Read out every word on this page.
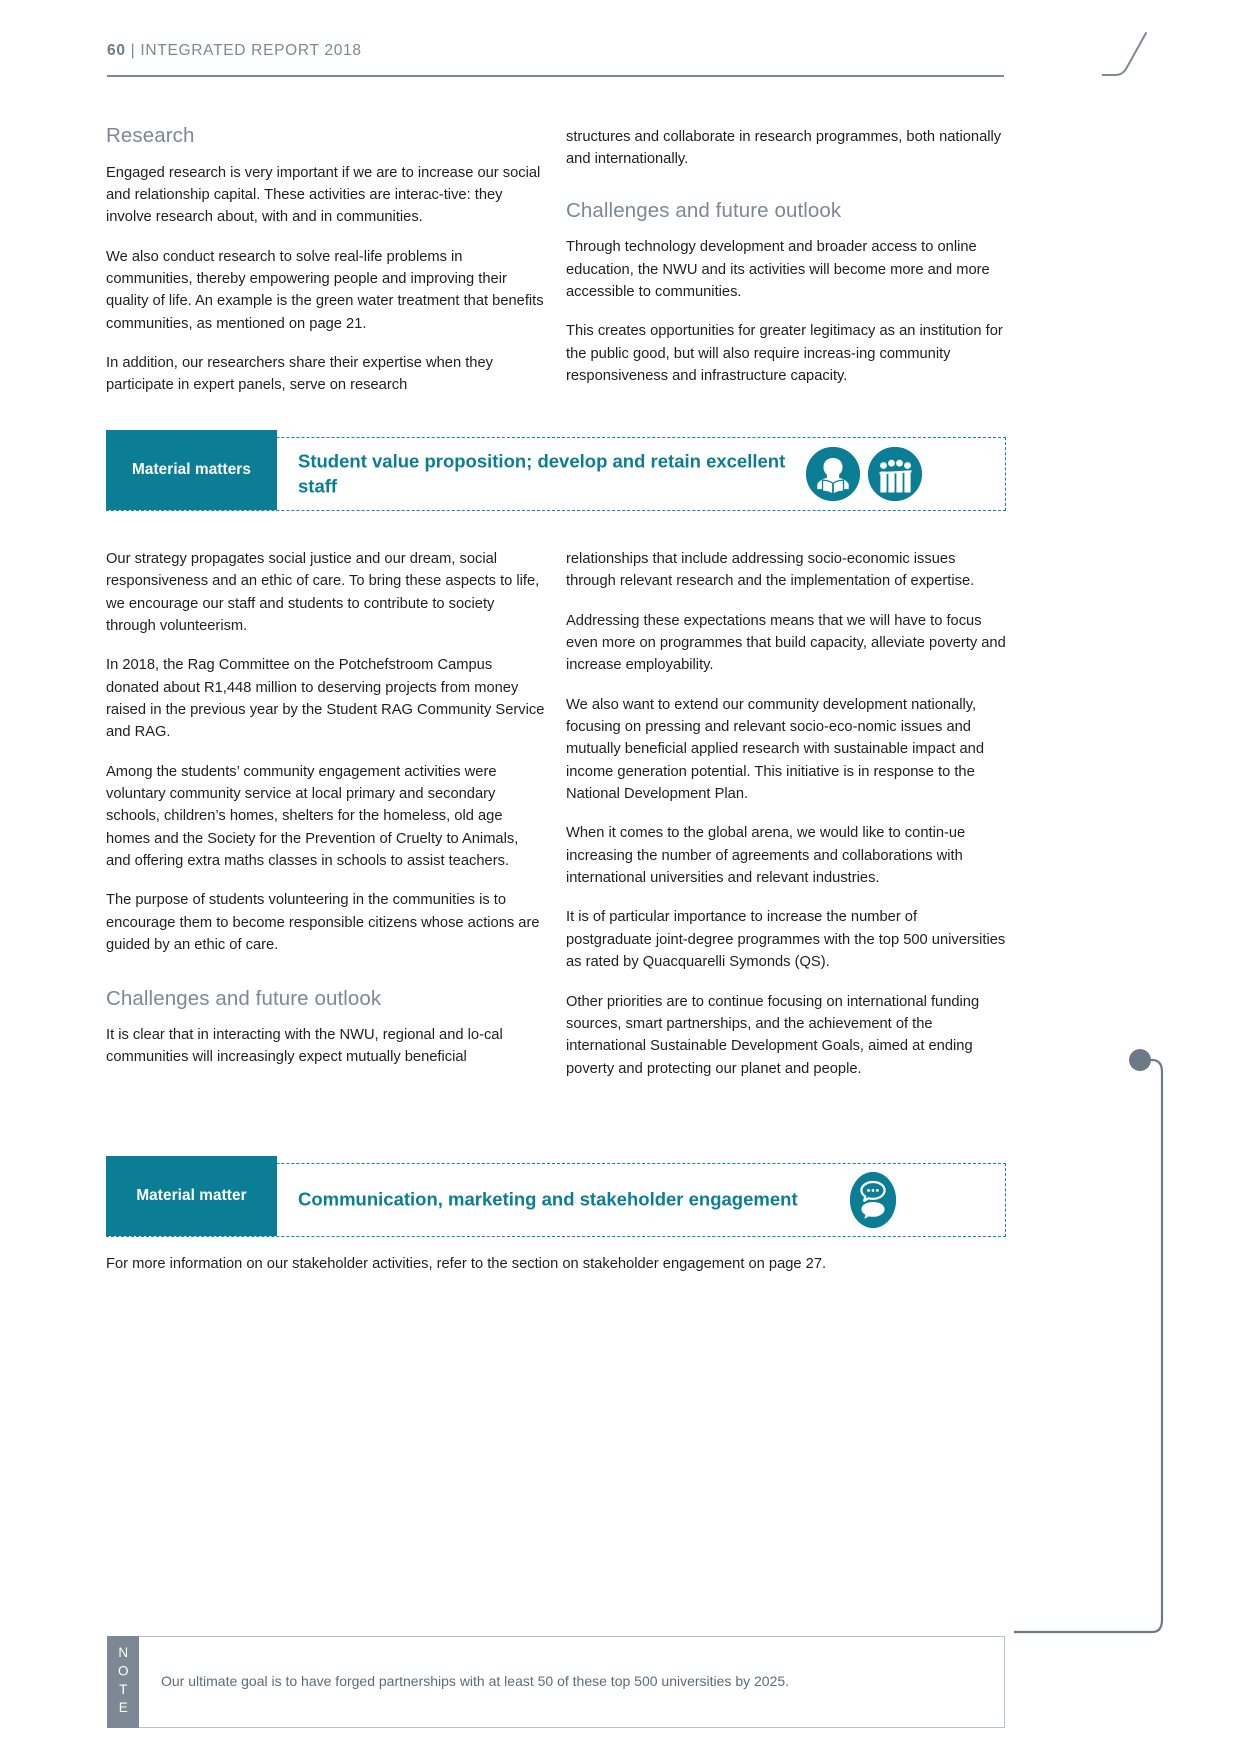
60 | INTEGRATED REPORT 2018
Research

Engaged research is very important if we are to increase our social and relationship capital. These activities are interac-tive: they involve research about, with and in communities.

We also conduct research to solve real-life problems in communities, thereby empowering people and improving their quality of life. An example is the green water treatment that benefits communities, as mentioned on page 21.

In addition, our researchers share their expertise when they participate in expert panels, serve on research

structures and collaborate in research programmes, both nationally and internationally.

Challenges and future outlook

Through technology development and broader access to online education, the NWU and its activities will become more and more accessible to communities.

This creates opportunities for greater legitimacy as an institution for the public good, but will also require increas-ing community responsiveness and infrastructure capacity.

Material matters	Student value proposition; develop and retain excellent staff

Our strategy propagates social justice and our dream, social responsiveness and an ethic of care. To bring these aspects to life, we encourage our staff and students to contribute to society through volunteerism.

In 2018, the Rag Committee on the Potchefstroom Campus donated about R1,448 million to deserving projects from money raised in the previous year by the Student RAG Community Service and RAG.

Among the students’ community engagement activities were voluntary community service at local primary and secondary schools, children’s homes, shelters for the homeless, old age homes and the Society for the Prevention of Cruelty to Animals, and offering extra maths classes in schools to assist teachers.

The purpose of students volunteering in the communities is to encourage them to become responsible citizens whose actions are guided by an ethic of care.

Challenges and future outlook

It is clear that in interacting with the NWU, regional and lo-cal communities will increasingly expect mutually beneficial

relationships that include addressing socio-economic issues through relevant research and the implementation of expertise.

Addressing these expectations means that we will have to focus even more on programmes that build capacity, alleviate poverty and increase employability.

We also want to extend our community development nationally, focusing on pressing and relevant socio-eco-nomic issues and mutually beneficial applied research with sustainable impact and income generation potential. This initiative is in response to the National Development Plan.

When it comes to the global arena, we would like to contin-ue increasing the number of agreements and collaborations with international universities and relevant industries.

It is of particular importance to increase the number of postgraduate joint-degree programmes with the top 500 universities as rated by Quacquarelli Symonds (QS).

Other priorities are to continue focusing on international funding sources, smart partnerships, and the achievement of the international Sustainable Development Goals, aimed at ending poverty and protecting our planet and people.

Material matter	Communication, marketing and stakeholder engagement

For more information on our stakeholder activities, refer to the section on stakeholder engagement on page 27.

NOTE	Our ultimate goal is to have forged partnerships with at least 50 of these top 500 universities by 2025.
